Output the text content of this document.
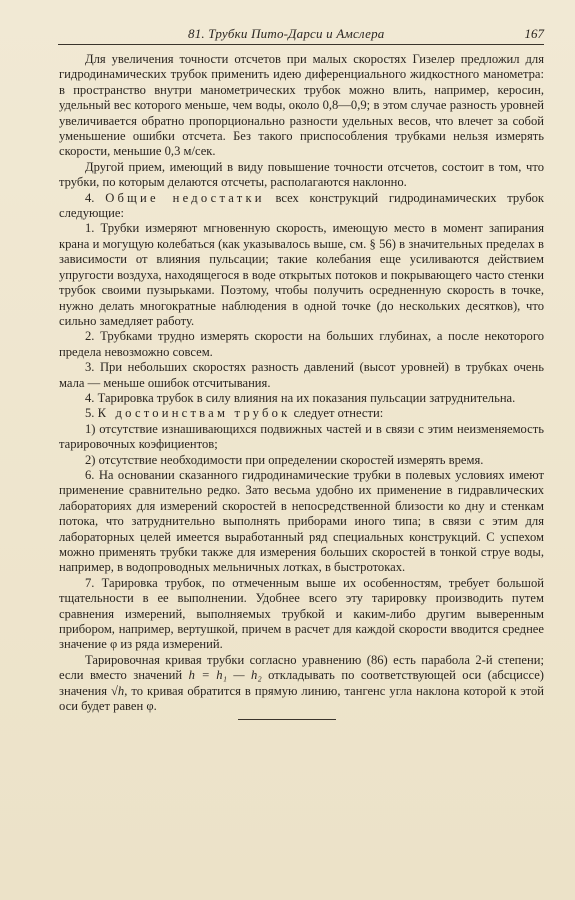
81. Трубки Пито-Дарси и Амслера	167

Для увеличения точности отсчетов при малых скоростях Гизелер предложил для гидродинамических трубок применить идею диференциального жидкостного манометра: в пространство внутри манометрических трубок можно влить, например, керосин, удельный вес которого меньше, чем воды, около 0,8—0,9; в этом случае разность уровней увеличивается обратно пропорционально разности удельных весов, что влечет за собой уменьшение ошибки отсчета. Без такого приспособления трубками нельзя измерять скорости, меньшие 0,3 м/сек.

Другой прием, имеющий в виду повышение точности отсчетов, состоит в том, что трубки, по которым делаются отсчеты, располагаются наклонно.

4. Общие недостатки всех конструкций гидродинамических трубок следующие:

1. Трубки измеряют мгновенную скорость, имеющую место в момент запирания крана и могущую колебаться (как указывалось выше, см. § 56) в значительных пределах в зависимости от влияния пульсации; такие колебания еще усиливаются действием упругости воздуха, находящегося в воде открытых потоков и покрывающего часто стенки трубок своими пузырьками. Поэтому, чтобы получить осредненную скорость в точке, нужно делать многократные наблюдения в одной точке (до нескольких десятков), что сильно замедляет работу.

2. Трубками трудно измерять скорости на больших глубинах, а после некоторого предела невозможно совсем.

3. При небольших скоростях разность давлений (высот уровней) в трубках очень мала — меньше ошибок отсчитывания.

4. Тарировка трубок в силу влияния на их показания пульсации затруднительна.

5. К достоинствам трубок следует отнести:

1) отсутствие изнашивающихся подвижных частей и в связи с этим неизменяемость тарировочных коэфициентов;

2) отсутствие необходимости при определении скоростей измерять время.

6. На основании сказанного гидродинамические трубки в полевых условиях имеют применение сравнительно редко. Зато весьма удобно их применение в гидравлических лабораториях для измерений скоростей в непосредственной близости ко дну и стенкам потока, что затруднительно выполнять приборами иного типа; в связи с этим для лабораторных целей имеется выработанный ряд специальных конструкций. С успехом можно применять трубки также для измерения больших скоростей в тонкой струе воды, например, в водопроводных мельничных лотках, в быстротоках.

7. Тарировка трубок, по отмеченным выше их особенностям, требует большой тщательности в ее выполнении. Удобнее всего эту тарировку производить путем сравнения измерений, выполняемых трубкой и каким-либо другим выверенным прибором, например, вертушкой, причем в расчет для каждой скорости вводится среднее значение φ из ряда измерений.

Тарировочная кривая трубки согласно уравнению (86) есть парабола 2-й степени; если вместо значений h = h₁ — h₂ откладывать по соответствующей оси (абсциссе) значения √h, то кривая обратится в прямую линию, тангенс угла наклона которой к этой оси будет равен φ.
